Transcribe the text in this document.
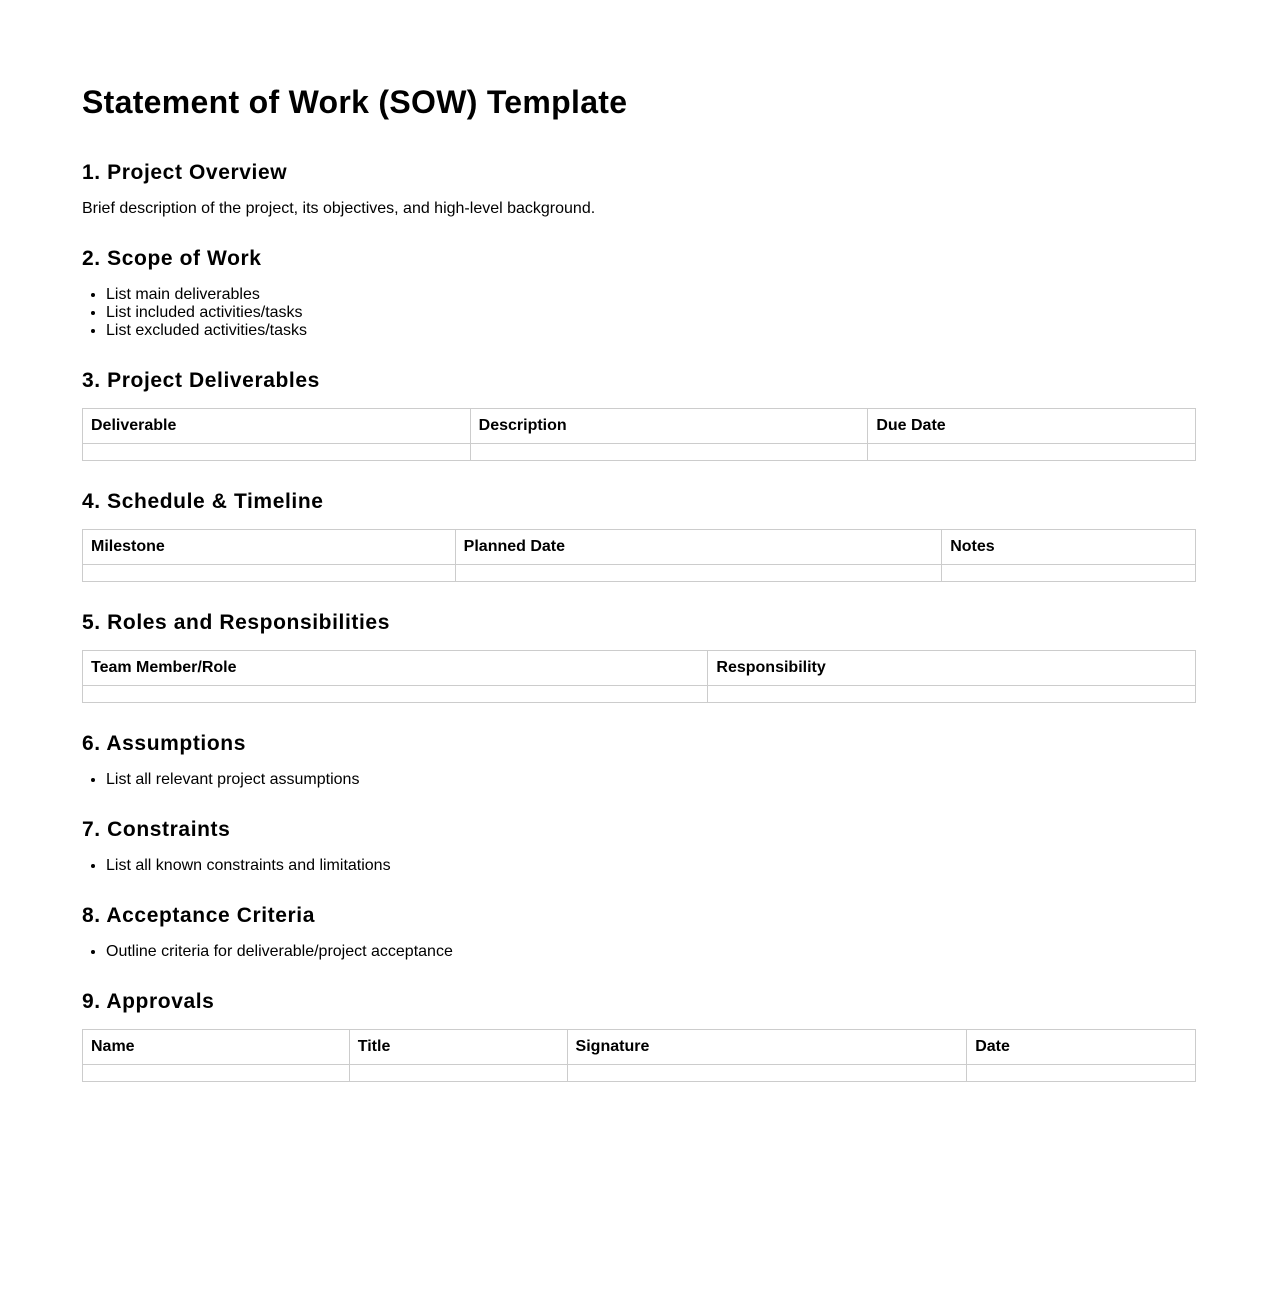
Statement of Work (SOW) Template
1. Project Overview

Brief description of the project, its objectives, and high-level background.

2. Scope of Work
• List main deliverables
• List included activities/tasks
• List excluded activities/tasks
3. Project Deliverables
Deliverable	Description	Due Date

4. Schedule & Timeline
Milestone	Planned Date	Notes

5. Roles and Responsibilities
Team Member/Role	Responsibility

6. Assumptions
• List all relevant project assumptions
7. Constraints
• List all known constraints and limitations
8. Acceptance Criteria
• Outline criteria for deliverable/project acceptance
9. Approvals
Name	Title	Signature	Date
